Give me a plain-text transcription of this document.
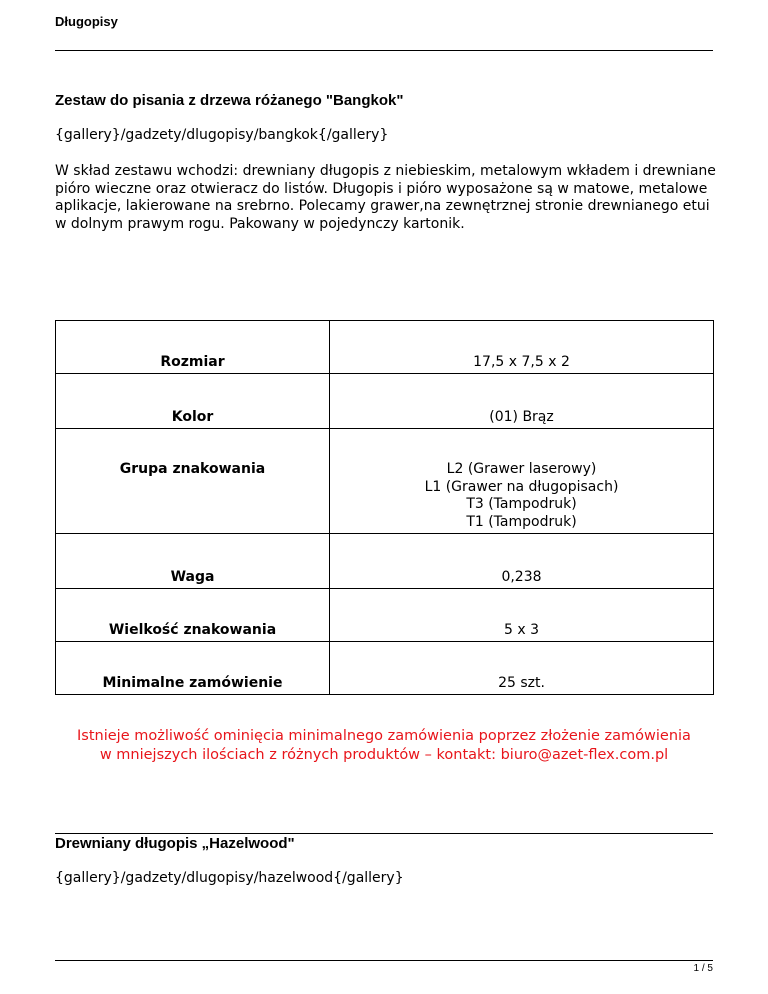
Długopisy
Zestaw do pisania z drzewa różanego "Bangkok"
{gallery}/gadzety/dlugopisy/bangkok{/gallery}
W skład zestawu wchodzi: drewniany długopis z niebieskim, metalowym wkładem i drewniane pióro wieczne oraz otwieracz do listów. Długopis i pióro wyposażone są w matowe, metalowe aplikacje, lakierowane na srebrno. Polecamy grawer,na zewnętrznej stronie drewnianego etui w dolnym prawym rogu. Pakowany w pojedynczy kartonik.
Rozmiar	17,5 x 7,5 x 2
Kolor	(01) Brąz
Grupa znakowania	L2 (Grawer laserowy)
L1 (Grawer na długopisach)
T3 (Tampodruk)
T1 (Tampodruk)

Waga	0,238
Wielkość znakowania	5 x 3
Minimalne zamówienie	25 szt.
Istnieje możliwość ominięcia minimalnego zamówienia poprzez złożenie zamówienia
w mniejszych ilościach z różnych produktów – kontakt: biuro@azet-flex.com.pl
Drewniany długopis „Hazelwood"
{gallery}/gadzety/dlugopisy/hazelwood{/gallery}
1 / 5
